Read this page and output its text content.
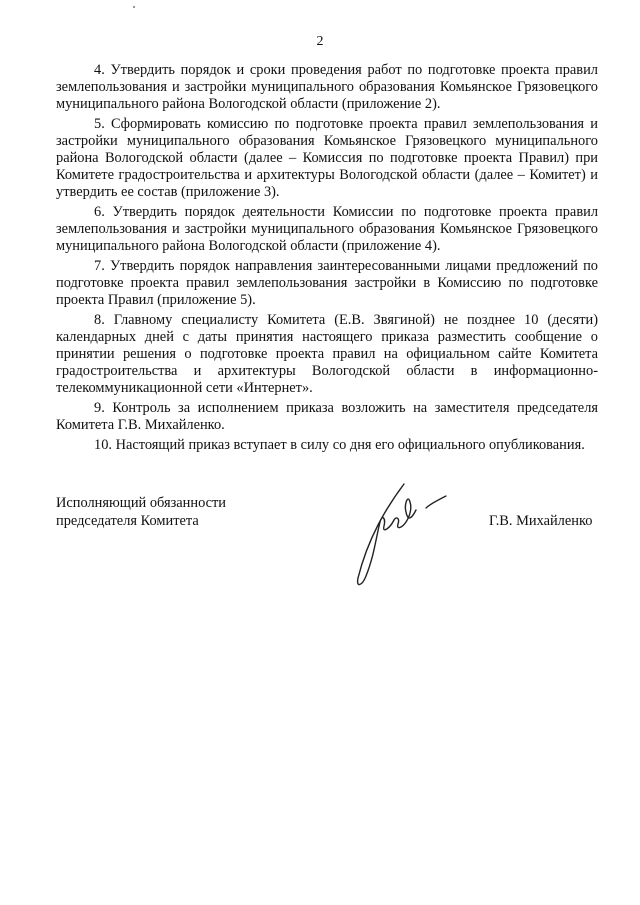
2

4. Утвердить порядок и сроки проведения работ по подготовке проекта правил землепользования и застройки муниципального образования Комьянское Грязовецкого муниципального района Вологодской области (приложение 2).

5. Сформировать комиссию по подготовке проекта правил землепользования и застройки муниципального образования Комьянское Грязовецкого муниципального района Вологодской области (далее – Комиссия по подготовке проекта Правил) при Комитете градостроительства и архитектуры Вологодской области (далее – Комитет) и утвердить ее состав (приложение 3).

6. Утвердить порядок деятельности Комиссии по подготовке проекта правил землепользования и застройки муниципального образования Комьянское Грязовецкого муниципального района Вологодской области (приложение 4).

7. Утвердить порядок направления заинтересованными лицами предложений по подготовке проекта правил землепользования застройки в Комиссию по подготовке проекта Правил (приложение 5).

8. Главному специалисту Комитета (Е.В. Звягиной) не позднее 10 (десяти) календарных дней с даты принятия настоящего приказа разместить сообщение о принятии решения о подготовке проекта правил на официальном сайте Комитета градостроительства и архитектуры Вологодской области в информационно-телекоммуникационной сети «Интернет».

9. Контроль за исполнением приказа возложить на заместителя председателя Комитета Г.В. Михайленко.

10. Настоящий приказ вступает в силу со дня его официального опубликования.

Исполняющий обязанности
председателя Комитета	Г.В. Михайленко
